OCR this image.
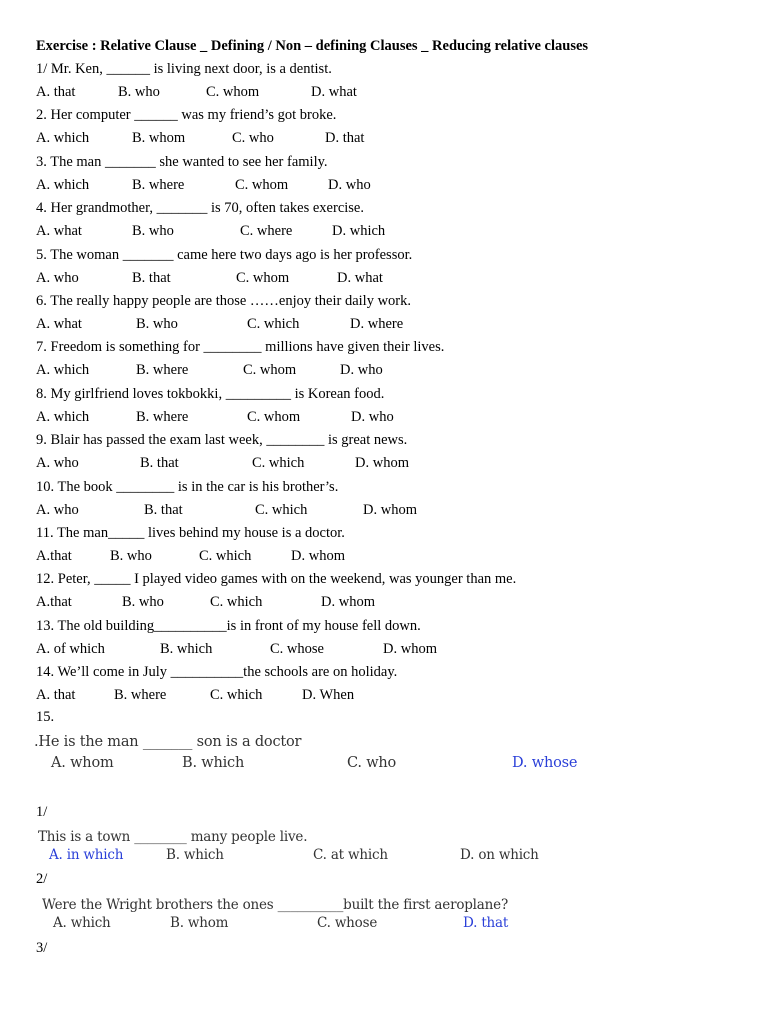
Exercise : Relative Clause _ Defining / Non – defining Clauses _ Reducing relative clauses
1/ Mr. Ken, ______ is living next door, is a dentist.
A. that	B. who	C. whom	D. what
2. Her computer ______ was my friend’s got broke.
A. which	B. whom	C. who	D. that
3. The man _______ she wanted to see her family.
A. which	B. where	C. whom	D. who
4. Her grandmother, _______ is 70, often takes exercise.
A. what	B. who	C. where	D. which
5. The woman _______ came here two days ago is her professor.
A. who	B. that	C. whom	D. what
6. The really happy people are those ……enjoy their daily work.
A. what	B. who	C. which	D. where
7. Freedom is something for ________ millions have given their lives.
A. which	B. where	C. whom	D. who
8. My girlfriend loves tokbokki, _________ is Korean food.
A. which	B. where	C. whom	D. who
9. Blair has passed the exam last week, ________ is great news.
A. who	B. that	C. which	D. whom
10. The book ________ is in the car is his brother’s.
A. who	B. that	C. which	D. whom
11. The man_____ lives behind my house is a doctor.
A.that	B. who	C. which	D. whom
12. Peter, _____ I played video games with on the weekend, was younger than me.
A.that	B. who	C. which	D. whom
13. The old building__________is in front of my house fell down.
A. of which	B. which	C. whose	D. whom
14. We’ll come in July __________the schools are on holiday.
A. that	B. where	C. which	D. When
15.
.He is the man _______ son is a doctor
A. whom	B. which	C. who	D. whose
1/
This is a town ________ many people live.
A. in which	B. which	C. at which	D. on which
2/
Were the Wright brothers the ones __________built the first aeroplane?
A. which	B. whom	C. whose	D. that
3/
